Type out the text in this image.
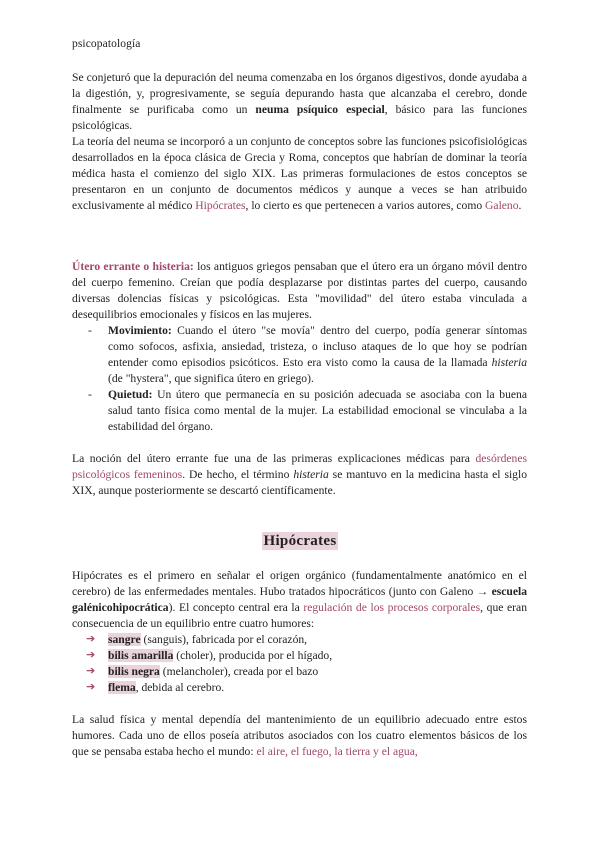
psicopatología

Se conjeturó que la depuración del neuma comenzaba en los órganos digestivos, donde ayudaba a la digestión, y, progresivamente, se seguía depurando hasta que alcanzaba el cerebro, donde finalmente se purificaba como un neuma psíquico especial, básico para las funciones psicológicas.

La teoría del neuma se incorporó a un conjunto de conceptos sobre las funciones psicofisiológicas desarrollados en la época clásica de Grecia y Roma, conceptos que habrían de dominar la teoría médica hasta el comienzo del siglo XIX. Las primeras formulaciones de estos conceptos se presentaron en un conjunto de documentos médicos y aunque a veces se han atribuido exclusivamente al médico Hipócrates, lo cierto es que pertenecen a varios autores, como Galeno.

Útero errante o histeria: los antiguos griegos pensaban que el útero era un órgano móvil dentro del cuerpo femenino. Creían que podía desplazarse por distintas partes del cuerpo, causando diversas dolencias físicas y psicológicas. Esta "movilidad" del útero estaba vinculada a desequilibrios emocionales y físicos en las mujeres.

- Movimiento: Cuando el útero "se movía" dentro del cuerpo, podía generar síntomas como sofocos, asfixia, ansiedad, tristeza, o incluso ataques de lo que hoy se podrían entender como episodios psicóticos. Esto era visto como la causa de la llamada histeria (de "hystera", que significa útero en griego).
- Quietud: Un útero que permanecía en su posición adecuada se asociaba con la buena salud tanto física como mental de la mujer. La estabilidad emocional se vinculaba a la estabilidad del órgano.

La noción del útero errante fue una de las primeras explicaciones médicas para desórdenes psicológicos femeninos. De hecho, el término histeria se mantuvo en la medicina hasta el siglo XIX, aunque posteriormente se descartó científicamente.

Hipócrates

Hipócrates es el primero en señalar el origen orgánico (fundamentalmente anatómico en el cerebro) de las enfermedades mentales. Hubo tratados hipocráticos (junto con Galeno → escuela galénicohipocrática). El concepto central era la regulación de los procesos corporales, que eran consecuencia de un equilibrio entre cuatro humores:

➔ sangre (sanguis), fabricada por el corazón,
➔ bilis amarilla (choler), producida por el hígado,
➔ bilis negra (melancholer), creada por el bazo
➔ flema, debida al cerebro.

La salud física y mental dependía del mantenimiento de un equilibrio adecuado entre estos humores. Cada uno de ellos poseía atributos asociados con los cuatro elementos básicos de los que se pensaba estaba hecho el mundo: el aire, el fuego, la tierra y el agua,
